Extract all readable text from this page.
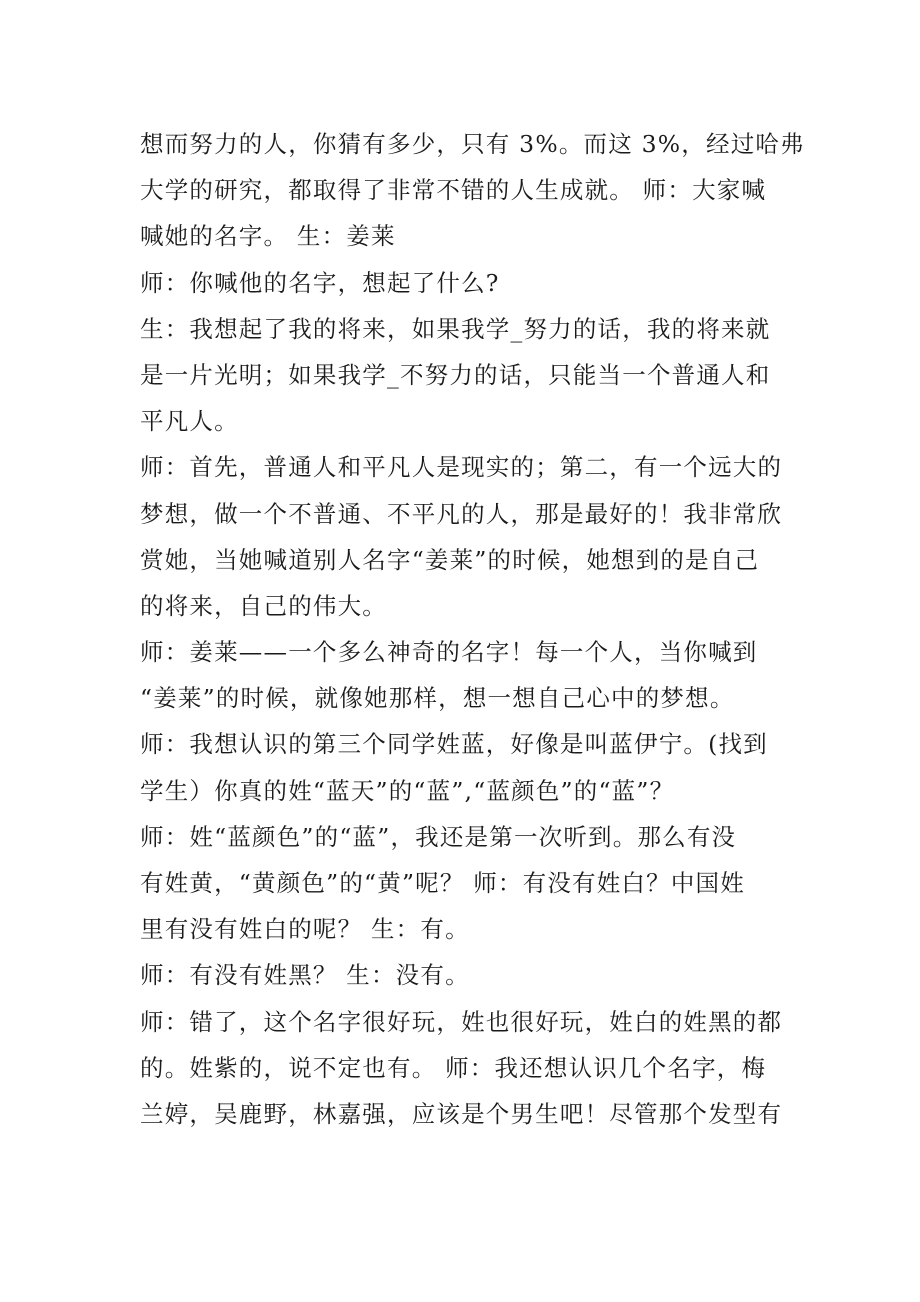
想而努力的人，你猜有多少，只有 3%。而这 3%，经过哈弗
大学的研究，都取得了非常不错的人生成就。 师：大家喊
喊她的名字。 生：姜莱
师：你喊他的名字，想起了什么?
生：我想起了我的将来，如果我学_努力的话，我的将来就
是一片光明；如果我学_不努力的话，只能当一个普通人和
平凡人。
师：首先，普通人和平凡人是现实的；第二，有一个远大的
梦想，做一个不普通、不平凡的人，那是最好的！我非常欣
赏她，当她喊道别人名字“姜莱”的时候，她想到的是自己
的将来，自己的伟大。
师：姜莱——一个多么神奇的名字！每一个人，当你喊到
“姜莱”的时候，就像她那样，想一想自己心中的梦想。
师：我想认识的第三个同学姓蓝，好像是叫蓝伊宁。(找到
学生）你真的姓“蓝天”的“蓝”,“蓝颜色”的“蓝”？
师：姓“蓝颜色”的“蓝”，我还是第一次听到。那么有没
有姓黄，“黄颜色”的“黄”呢？ 师：有没有姓白？中国姓
里有没有姓白的呢？ 生：有。
师：有没有姓黑？ 生：没有。
师：错了，这个名字很好玩，姓也很好玩，姓白的姓黑的都
的。姓紫的，说不定也有。 师：我还想认识几个名字，梅
兰婷，吴鹿野，林嘉强，应该是个男生吧！尽管那个发型有
